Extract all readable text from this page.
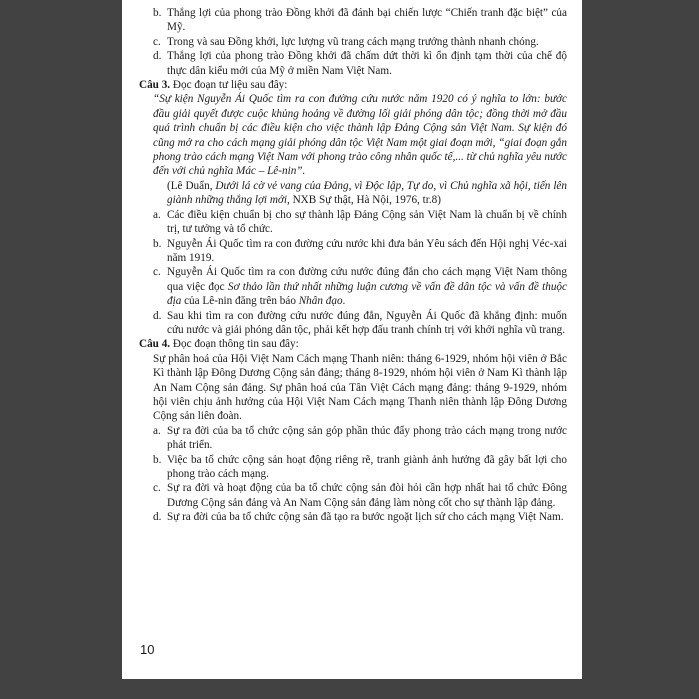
b. Thắng lợi của phong trào Đồng khởi đã đánh bại chiến lược “Chiến tranh đặc biệt” của Mỹ.
c. Trong và sau Đồng khởi, lực lượng vũ trang cách mạng trưởng thành nhanh chóng.
d. Thắng lợi của phong trào Đồng khởi đã chấm dứt thời kì ổn định tạm thời của chế độ thực dân kiểu mới của Mỹ ở miền Nam Việt Nam.
Câu 3. Đọc đoạn tư liệu sau đây:
“Sự kiện Nguyễn Ái Quốc tìm ra con đường cứu nước năm 1920 có ý nghĩa to lớn: bước đầu giải quyết được cuộc khủng hoảng về đường lối giải phóng dân tộc; đồng thời mở đầu quá trình chuẩn bị các điều kiện cho việc thành lập Đảng Cộng sản Việt Nam. Sự kiện đó cũng mở ra cho cách mạng giải phóng dân tộc Việt Nam một giai đoạn mới, “giai đoạn gắn phong trào cách mạng Việt Nam với phong trào công nhân quốc tế,... từ chủ nghĩa yêu nước đến với chủ nghĩa Mác – Lê-nin”.
(Lê Duẩn, Dưới lá cờ vẻ vang của Đảng, vì Độc lập, Tự do, vì Chủ nghĩa xã hội, tiến lên giành những thắng lợi mới, NXB Sự thật, Hà Nội, 1976, tr.8)
a. Các điều kiện chuẩn bị cho sự thành lập Đảng Cộng sản Việt Nam là chuẩn bị về chính trị, tư tưởng và tổ chức.
b. Nguyễn Ái Quốc tìm ra con đường cứu nước khi đưa bản Yêu sách đến Hội nghị Véc-xai năm 1919.
c. Nguyễn Ái Quốc tìm ra con đường cứu nước đúng đắn cho cách mạng Việt Nam thông qua việc đọc Sơ thảo lần thứ nhất những luận cương về vấn đề dân tộc và vấn đề thuộc địa của Lê-nin đăng trên báo Nhân đạo.
d. Sau khi tìm ra con đường cứu nước đúng đắn, Nguyễn Ái Quốc đã khẳng định: muốn cứu nước và giải phóng dân tộc, phải kết hợp đấu tranh chính trị với khởi nghĩa vũ trang.
Câu 4. Đọc đoạn thông tin sau đây:
Sự phân hoá của Hội Việt Nam Cách mạng Thanh niên: tháng 6-1929, nhóm hội viên ở Bắc Kì thành lập Đông Dương Cộng sản đảng; tháng 8-1929, nhóm hội viên ở Nam Kì thành lập An Nam Cộng sản đảng. Sự phân hoá của Tân Việt Cách mạng đảng: tháng 9-1929, nhóm hội viên chịu ảnh hưởng của Hội Việt Nam Cách mạng Thanh niên thành lập Đông Dương Cộng sản liên đoàn.
a. Sự ra đời của ba tổ chức cộng sản góp phần thúc đẩy phong trào cách mạng trong nước phát triển.
b. Việc ba tổ chức cộng sản hoạt động riêng rẽ, tranh giành ảnh hưởng đã gây bất lợi cho phong trào cách mạng.
c. Sự ra đời và hoạt động của ba tổ chức cộng sản đòi hỏi cần hợp nhất hai tổ chức Đông Dương Cộng sản đảng và An Nam Cộng sản đảng làm nòng cốt cho sự thành lập đảng.
d. Sự ra đời của ba tổ chức cộng sản đã tạo ra bước ngoặt lịch sử cho cách mạng Việt Nam.
10
